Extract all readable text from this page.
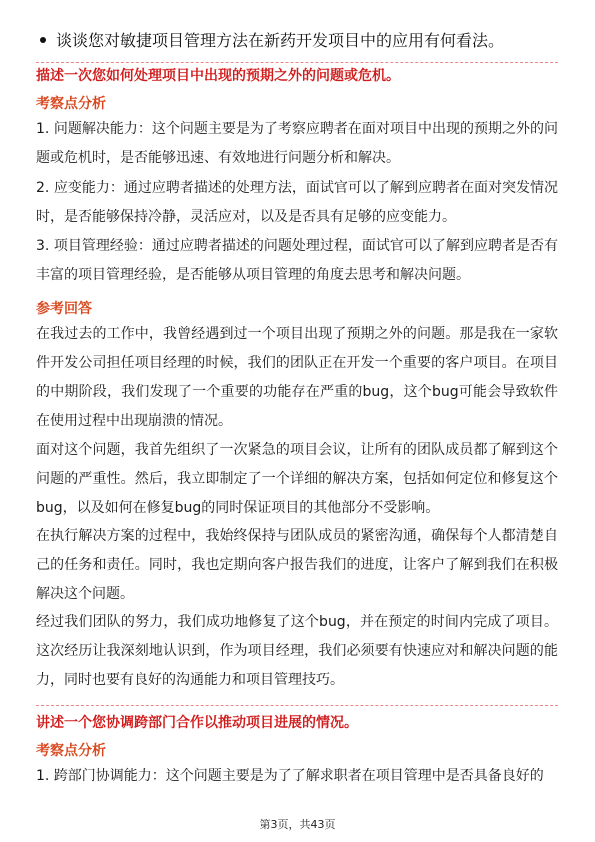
谈谈您对敏捷项目管理方法在新药开发项目中的应用有何看法。
描述一次您如何处理项目中出现的预期之外的问题或危机。
考察点分析
1. 问题解决能力：这个问题主要是为了考察应聘者在面对项目中出现的预期之外的问题或危机时，是否能够迅速、有效地进行问题分析和解决。
2. 应变能力：通过应聘者描述的处理方法，面试官可以了解到应聘者在面对突发情况时，是否能够保持冷静，灵活应对，以及是否具有足够的应变能力。
3. 项目管理经验：通过应聘者描述的问题处理过程，面试官可以了解到应聘者是否有丰富的项目管理经验，是否能够从项目管理的角度去思考和解决问题。
参考回答
在我过去的工作中，我曾经遇到过一个项目出现了预期之外的问题。那是我在一家软件开发公司担任项目经理的时候，我们的团队正在开发一个重要的客户项目。在项目的中期阶段，我们发现了一个重要的功能存在严重的bug，这个bug可能会导致软件在使用过程中出现崩溃的情况。
面对这个问题，我首先组织了一次紧急的项目会议，让所有的团队成员都了解到这个问题的严重性。然后，我立即制定了一个详细的解决方案，包括如何定位和修复这个bug，以及如何在修复bug的同时保证项目的其他部分不受影响。
在执行解决方案的过程中，我始终保持与团队成员的紧密沟通，确保每个人都清楚自己的任务和责任。同时，我也定期向客户报告我们的进度，让客户了解到我们在积极解决这个问题。
经过我们团队的努力，我们成功地修复了这个bug，并在预定的时间内完成了项目。这次经历让我深刻地认识到，作为项目经理，我们必须要有快速应对和解决问题的能力，同时也要有良好的沟通能力和项目管理技巧。
讲述一个您协调跨部门合作以推动项目进展的情况。
考察点分析
1. 跨部门协调能力：这个问题主要是为了了解求职者在项目管理中是否具备良好的
第3页，共43页
